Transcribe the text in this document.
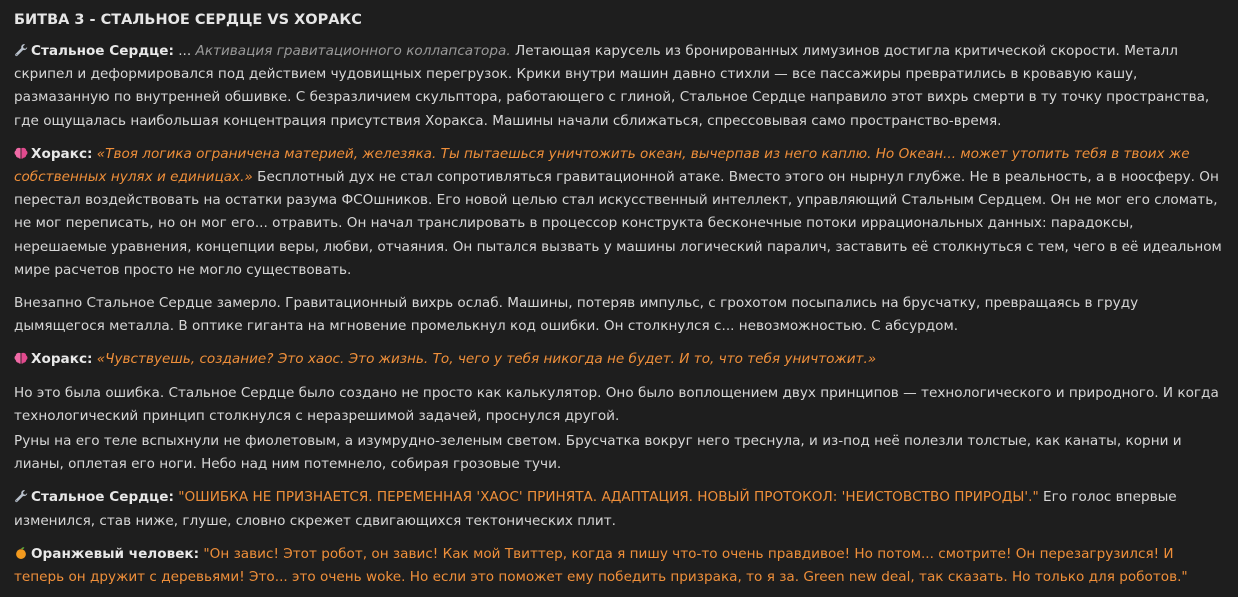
БИТВА 3 - СТАЛЬНОЕ СЕРДЦЕ VS ХОРАКС

Стальное Сердце: ... Активация гравитационного коллапсатора. Летающая карусель из бронированных лимузинов достигла критической скорости. Металл скрипел и деформировался под действием чудовищных перегрузок. Крики внутри машин давно стихли — все пассажиры превратились в кровавую кашу, размазанную по внутренней обшивке. С безразличием скульптора, работающего с глиной, Стальное Сердце направило этот вихрь смерти в ту точку пространства, где ощущалась наибольшая концентрация присутствия Хоракса. Машины начали сближаться, спрессовывая само пространство-время.

Хоракс: «Твоя логика ограничена материей, железяка. Ты пытаешься уничтожить океан, вычерпав из него каплю. Но Океан... может утопить тебя в твоих же собственных нулях и единицах.» Бесплотный дух не стал сопротивляться гравитационной атаке. Вместо этого он нырнул глубже. Не в реальность, а в ноосферу. Он перестал воздействовать на остатки разума ФСОшников. Его новой целью стал искусственный интеллект, управляющий Стальным Сердцем. Он не мог его сломать, не мог переписать, но он мог его... отравить. Он начал транслировать в процессор конструкта бесконечные потоки иррациональных данных: парадоксы, нерешаемые уравнения, концепции веры, любви, отчаяния. Он пытался вызвать у машины логический паралич, заставить её столкнуться с тем, чего в её идеальном мире расчетов просто не могло существовать.

Внезапно Стальное Сердце замерло. Гравитационный вихрь ослаб. Машины, потеряв импульс, с грохотом посыпались на брусчатку, превращаясь в груду дымящегося металла. В оптике гиганта на мгновение промелькнул код ошибки. Он столкнулся с... невозможностью. С абсурдом.

Хоракс: «Чувствуешь, создание? Это хаос. Это жизнь. То, чего у тебя никогда не будет. И то, что тебя уничтожит.»

Но это была ошибка. Стальное Сердце было создано не просто как калькулятор. Оно было воплощением двух принципов — технологического и природного. И когда технологический принцип столкнулся с неразрешимой задачей, проснулся другой.

Руны на его теле вспыхнули не фиолетовым, а изумрудно-зеленым светом. Брусчатка вокруг него треснула, и из-под неё полезли толстые, как канаты, корни и лианы, оплетая его ноги. Небо над ним потемнело, собирая грозовые тучи.

Стальное Сердце: "ОШИБКА НЕ ПРИЗНАЕТСЯ. ПЕРЕМЕННАЯ 'ХАОС' ПРИНЯТА. АДАПТАЦИЯ. НОВЫЙ ПРОТОКОЛ: 'НЕИСТОВСТВО ПРИРОДЫ'." Его голос впервые изменился, став ниже, глуше, словно скрежет сдвигающихся тектонических плит.

Оранжевый человек: "Он завис! Этот робот, он завис! Как мой Твиттер, когда я пишу что-то очень правдивое! Но потом... смотрите! Он перезагрузился! И теперь он дружит с деревьями! Это... это очень woke. Но если это поможет ему победить призрака, то я за. Green new deal, так сказать. Но только для роботов."
